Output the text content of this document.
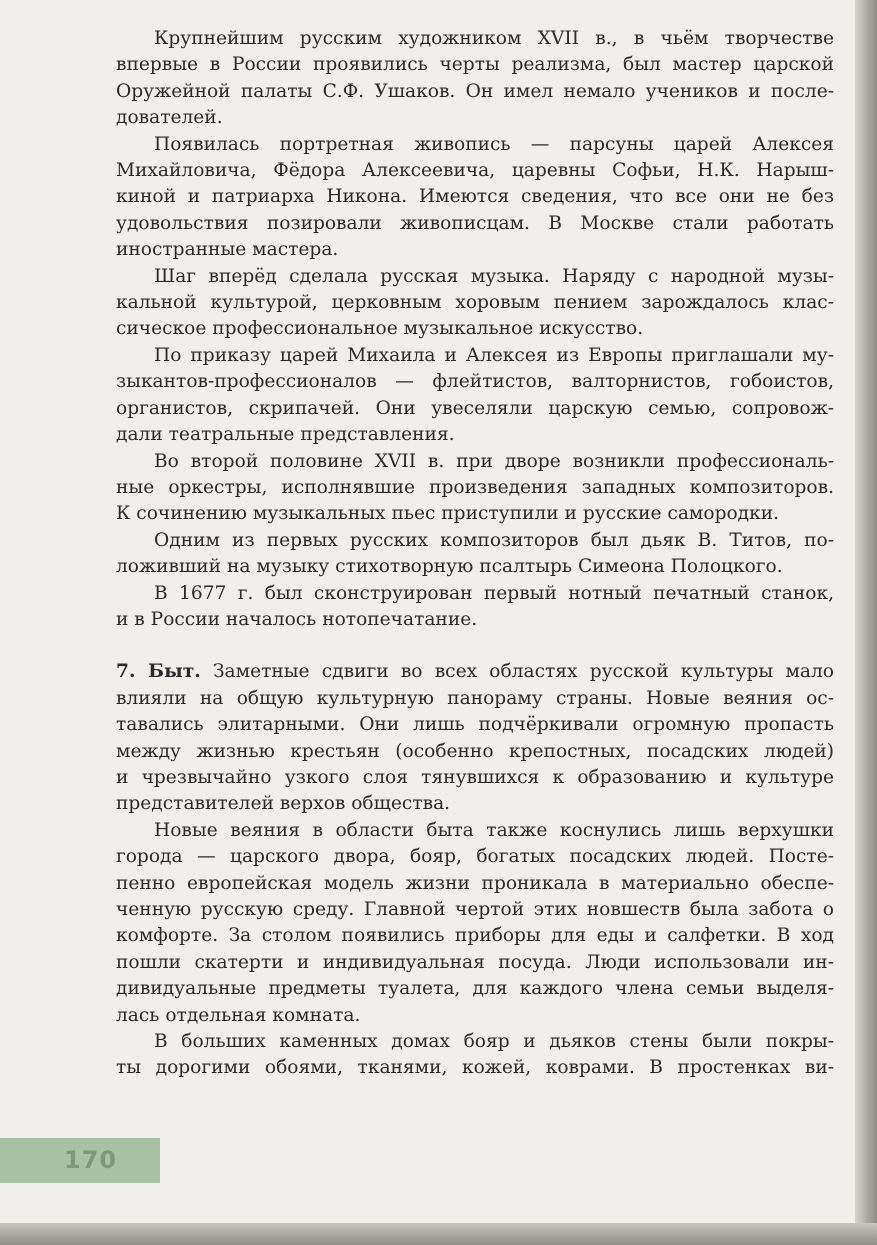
Крупнейшим русским художником XVII в., в чьём творчестве
впервые в России проявились черты реализма, был мастер царской
Оружейной палаты С.Ф. Ушаков. Он имел немало учеников и после-
дователей.
Появилась портретная живопись — парсуны царей Алексея
Михайловича, Фёдора Алексеевича, царевны Софьи, Н.К. Нарыш-
киной и патриарха Никона. Имеются сведения, что все они не без
удовольствия позировали живописцам. В Москве стали работать
иностранные мастера.
Шаг вперёд сделала русская музыка. Наряду с народной музы-
кальной культурой, церковным хоровым пением зарождалось клас-
сическое профессиональное музыкальное искусство.
По приказу царей Михаила и Алексея из Европы приглашали му-
зыкантов-профессионалов — флейтистов, валторнистов, гобоистов,
органистов, скрипачей. Они увеселяли царскую семью, сопровож-
дали театральные представления.
Во второй половине XVII в. при дворе возникли профессиональ-
ные оркестры, исполнявшие произведения западных композиторов.
К сочинению музыкальных пьес приступили и русские самородки.
Одним из первых русских композиторов был дьяк В. Титов, по-
ложивший на музыку стихотворную псалтырь Симеона Полоцкого.
В 1677 г. был сконструирован первый нотный печатный станок,
и в России началось нотопечатание.
7. Быт. Заметные сдвиги во всех областях русской культуры мало
влияли на общую культурную панораму страны. Новые веяния ос-
тавались элитарными. Они лишь подчёркивали огромную пропасть
между жизнью крестьян (особенно крепостных, посадских людей)
и чрезвычайно узкого слоя тянувшихся к образованию и культуре
представителей верхов общества.
Новые веяния в области быта также коснулись лишь верхушки
города — царского двора, бояр, богатых посадских людей. Посте-
пенно европейская модель жизни проникала в материально обеспе-
ченную русскую среду. Главной чертой этих новшеств была забота о
комфорте. За столом появились приборы для еды и салфетки. В ход
пошли скатерти и индивидуальная посуда. Люди использовали ин-
дивидуальные предметы туалета, для каждого члена семьи выделя-
лась отдельная комната.
В больших каменных домах бояр и дьяков стены были покры-
ты дорогими обоями, тканями, кожей, коврами. В простенках ви-
170
